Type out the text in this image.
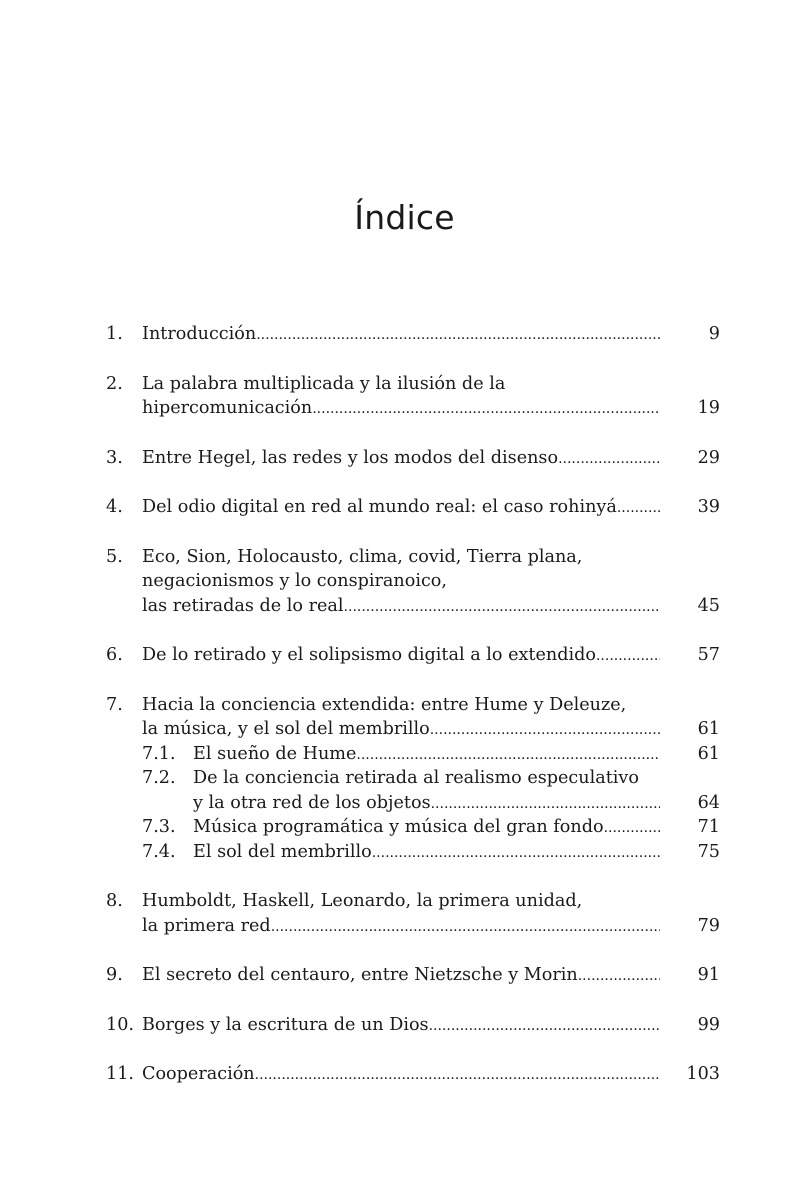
Índice
1. Introducción .....	9
2. La palabra multiplicada y la ilusión de la
hipercomunicación .....	19
3. Entre Hegel, las redes y los modos del disenso .....	29
4. Del odio digital en red al mundo real: el caso rohinyá .....	39
5. Eco, Sion, Holocausto, clima, covid, Tierra plana,
negacionismos y lo conspiranoico,
las retiradas de lo real .....	45
6. De lo retirado y el solipsismo digital a lo extendido .....	57
7. Hacia la conciencia extendida: entre Hume y Deleuze,
la música, y el sol del membrillo .....	61
7.1. El sueño de Hume .....	61
7.2. De la conciencia retirada al realismo especulativo
y la otra red de los objetos .....	64
7.3. Música programática y música del gran fondo .....	71
7.4. El sol del membrillo .....	75
8. Humboldt, Haskell, Leonardo, la primera unidad,
la primera red .....	79
9. El secreto del centauro, entre Nietzsche y Morin .....	91
10. Borges y la escritura de un Dios .....	99
11. Cooperación .....	103
